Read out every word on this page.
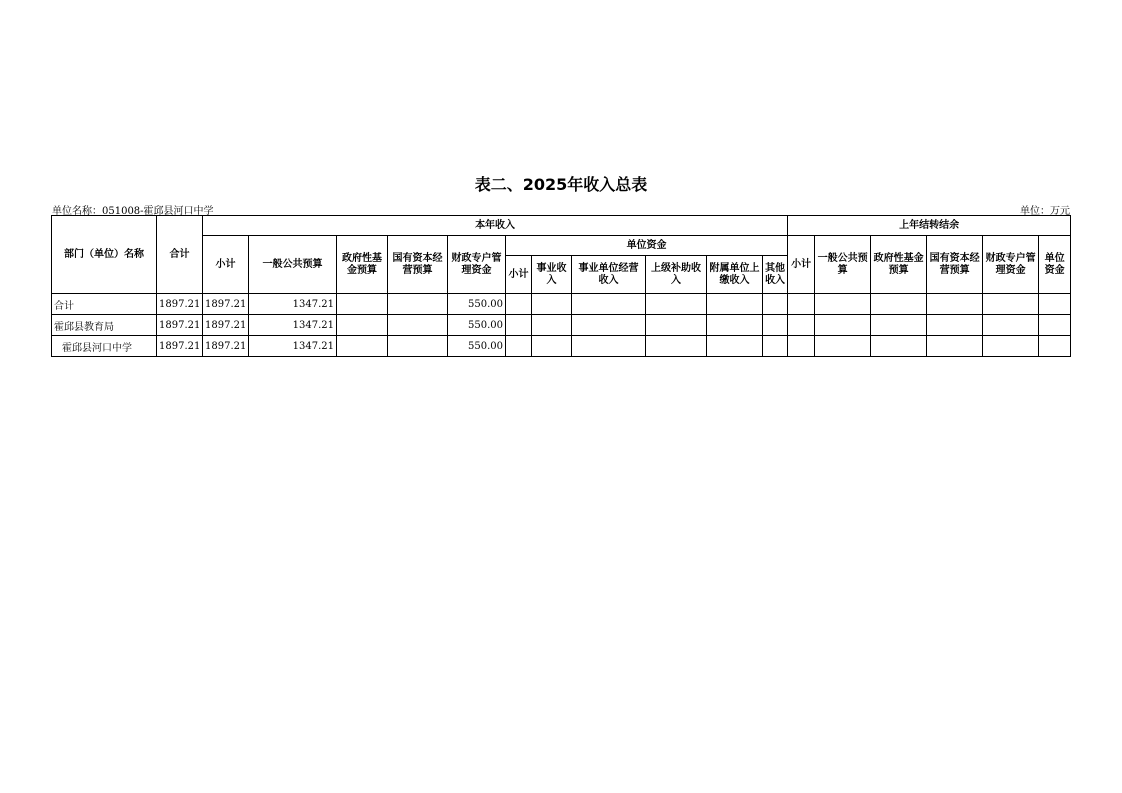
表二、2025年收入总表
单位名称：051008-霍邱县河口中学	单位：万元
部门（单位）名称	合计	本年收入											上年结转结余					
		小计	一般公共预算	政府性基金预算	国有资本经营预算	财政专户管理资金	单位资金						小计	一般公共预算	政府性基金预算	国有资本经营预算	财政专户管理资金	单位资金
							小计	事业收入	事业单位经营收入	上级补助收入	附属单位上缴收入	其他收入						
合计	1897.21	1897.21	1347.21			550.00												
霍邱县教育局	1897.21	1897.21	1347.21			550.00												
霍邱县河口中学	1897.21	1897.21	1347.21			550.00												
